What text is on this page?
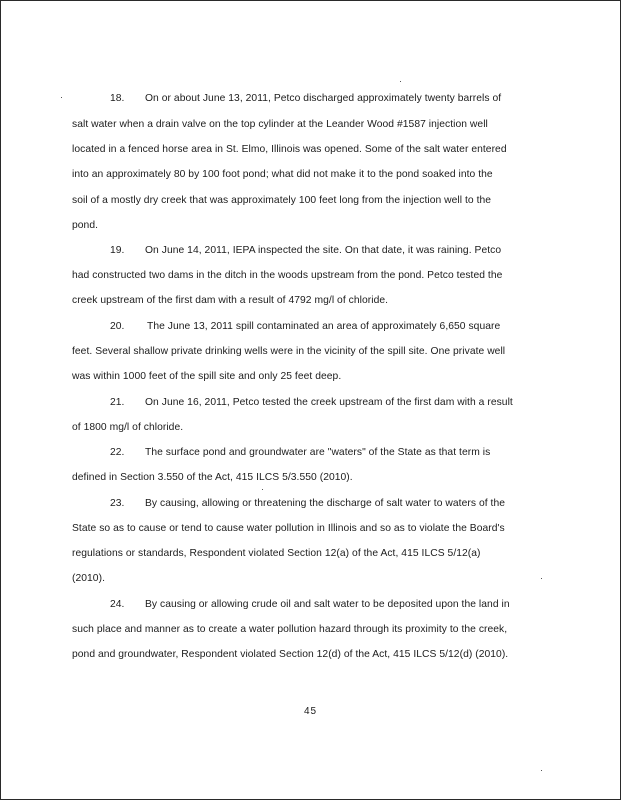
18. On or about June 13, 2011, Petco discharged approximately twenty barrels of
salt water when a drain valve on the top cylinder at the Leander Wood #1587 injection well
located in a fenced horse area in St. Elmo, Illinois was opened. Some of the salt water entered
into an approximately 80 by 100 foot pond; what did not make it to the pond soaked into the
soil of a mostly dry creek that was approximately 100 feet long from the injection well to the
pond.
19. On June 14, 2011, IEPA inspected the site. On that date, it was raining. Petco
had constructed two dams in the ditch in the woods upstream from the pond. Petco tested the
creek upstream of the first dam with a result of 4792 mg/l of chloride.
20. The June 13, 2011 spill contaminated an area of approximately 6,650 square
feet. Several shallow private drinking wells were in the vicinity of the spill site. One private well
was within 1000 feet of the spill site and only 25 feet deep.
21. On June 16, 2011, Petco tested the creek upstream of the first dam with a result
of 1800 mg/l of chloride.
22. The surface pond and groundwater are "waters" of the State as that term is
defined in Section 3.550 of the Act, 415 ILCS 5/3.550 (2010).
23. By causing, allowing or threatening the discharge of salt water to waters of the
State so as to cause or tend to cause water pollution in Illinois and so as to violate the Board's
regulations or standards, Respondent violated Section 12(a) of the Act, 415 ILCS 5/12(a)
(2010).
24. By causing or allowing crude oil and salt water to be deposited upon the land in
such place and manner as to create a water pollution hazard through its proximity to the creek,
pond and groundwater, Respondent violated Section 12(d) of the Act, 415 ILCS 5/12(d) (2010).
45
